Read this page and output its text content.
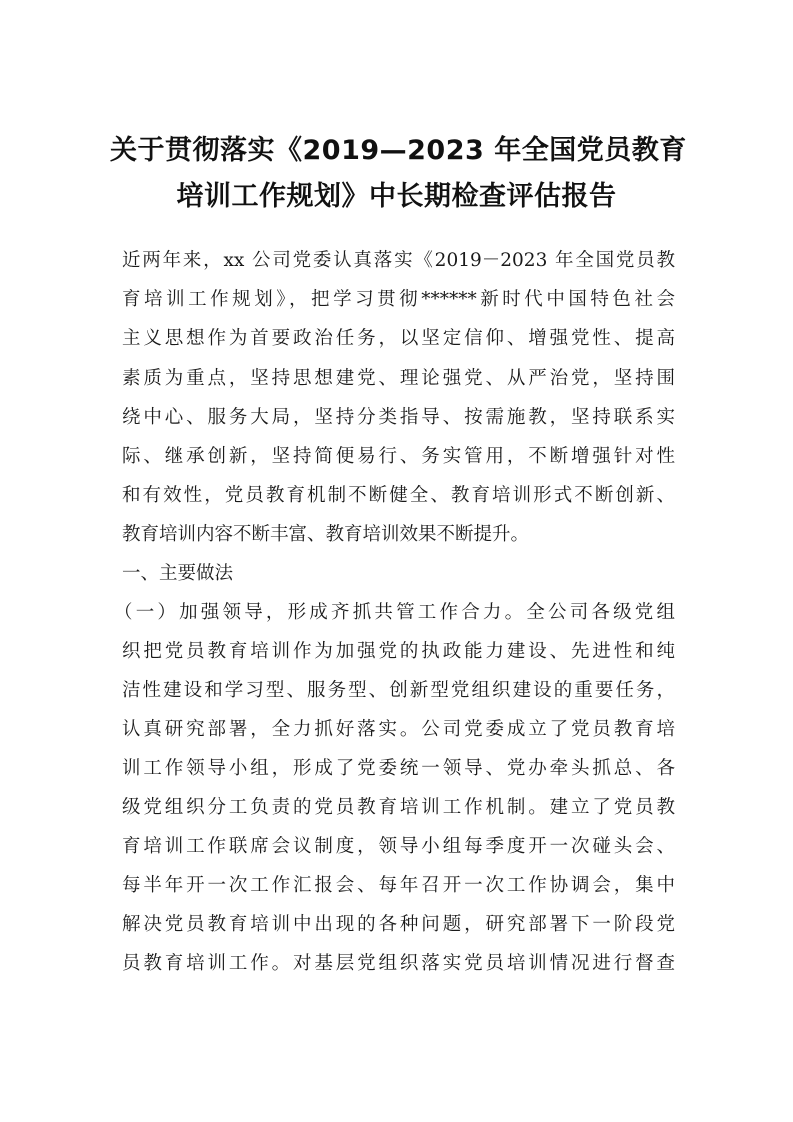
关于贯彻落实《2019—2023 年全国党员教育
培训工作规划》中长期检查评估报告

近两年来，xx 公司党委认真落实《2019－2023 年全国党员教

育培训工作规划》，把学习贯彻******新时代中国特色社会

主义思想作为首要政治任务，以坚定信仰、增强党性、提高

素质为重点，坚持思想建党、理论强党、从严治党，坚持围

绕中心、服务大局，坚持分类指导、按需施教，坚持联系实

际、继承创新，坚持简便易行、务实管用，不断增强针对性

和有效性，党员教育机制不断健全、教育培训形式不断创新、

教育培训内容不断丰富、教育培训效果不断提升。

一、主要做法

（一）加强领导，形成齐抓共管工作合力。全公司各级党组

织把党员教育培训作为加强党的执政能力建设、先进性和纯

洁性建设和学习型、服务型、创新型党组织建设的重要任务，

认真研究部署，全力抓好落实。公司党委成立了党员教育培

训工作领导小组，形成了党委统一领导、党办牵头抓总、各

级党组织分工负责的党员教育培训工作机制。建立了党员教

育培训工作联席会议制度，领导小组每季度开一次碰头会、

每半年开一次工作汇报会、每年召开一次工作协调会，集中

解决党员教育培训中出现的各种问题，研究部署下一阶段党

员教育培训工作。对基层党组织落实党员培训情况进行督查
